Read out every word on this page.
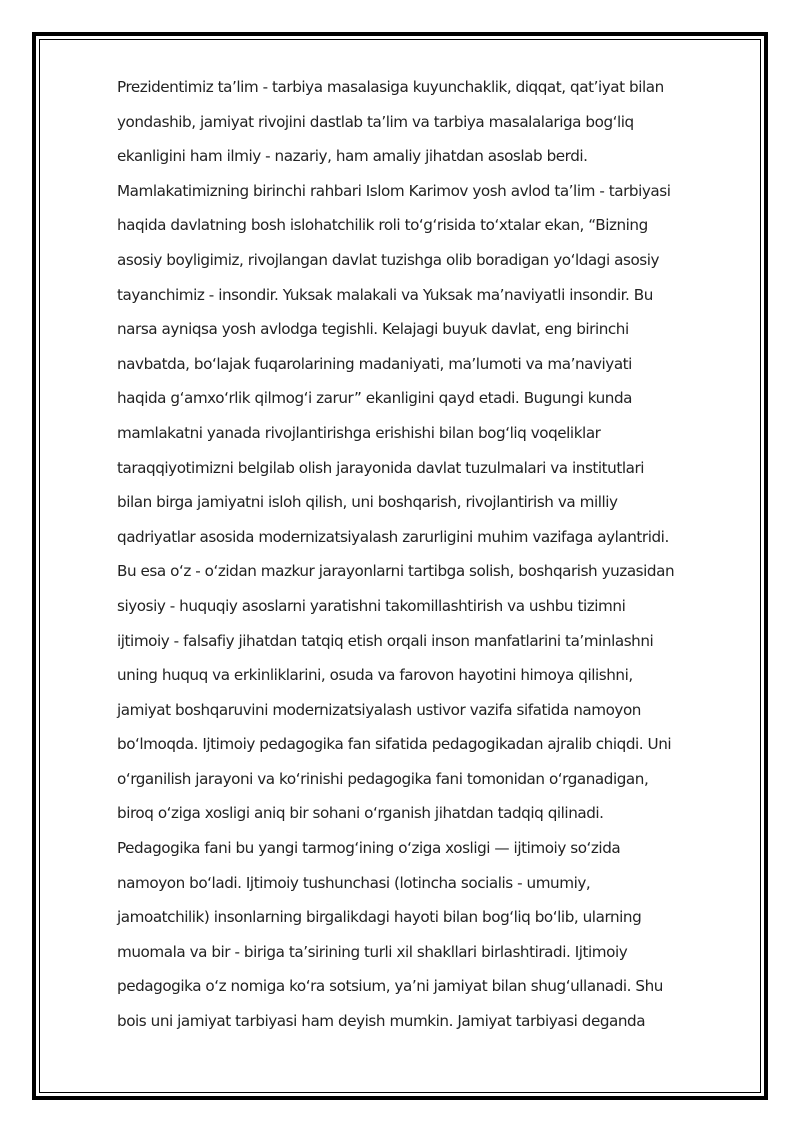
Prezidentimiz ta’lim - tarbiya masalasiga kuyunchaklik, diqqat, qat’iyat bilan
yondashib, jamiyat rivojini dastlab ta’lim va tarbiya masalalariga bog‘liq
ekanligini ham ilmiy - nazariy, ham amaliy jihatdan asoslab berdi.
Mamlakatimizning birinchi rahbari Islom Karimov yosh avlod ta’lim - tarbiyasi
haqida davlatning bosh islohatchilik roli to‘g‘risida to‘xtalar ekan, “Bizning
asosiy boyligimiz, rivojlangan davlat tuzishga olib boradigan yo‘ldagi asosiy
tayanchimiz - insondir. Yuksak malakali va Yuksak ma’naviyatli insondir. Bu
narsa ayniqsa yosh avlodga tegishli. Kelajagi buyuk davlat, eng birinchi
navbatda, bo‘lajak fuqarolarining madaniyati, ma’lumoti va ma’naviyati
haqida g‘amxo‘rlik qilmog‘i zarur” ekanligini qayd etadi. Bugungi kunda
mamlakatni yanada rivojlantirishga erishishi bilan bog‘liq voqeliklar
taraqqiyotimizni belgilab olish jarayonida davlat tuzulmalari va institutlari
bilan birga jamiyatni isloh qilish, uni boshqarish, rivojlantirish va milliy
qadriyatlar asosida modernizatsiyalash zarurligini muhim vazifaga aylantridi.
Bu esa o‘z - o‘zidan mazkur jarayonlarni tartibga solish, boshqarish yuzasidan
siyosiy - huquqiy asoslarni yaratishni takomillashtirish va ushbu tizimni
ijtimoiy - falsafiy jihatdan tatqiq etish orqali inson manfatlarini ta’minlashni
uning huquq va erkinliklarini, osuda va farovon hayotini himoya qilishni,
jamiyat boshqaruvini modernizatsiyalash ustivor vazifa sifatida namoyon
bo‘lmoqda. Ijtimoiy pedagogika fan sifatida pedagogikadan ajralib chiqdi. Uni
o‘rganilish jarayoni va ko‘rinishi pedagogika fani tomonidan o‘rganadigan,
biroq o‘ziga xosligi aniq bir sohani o‘rganish jihatdan tadqiq qilinadi.
Pedagogika fani bu yangi tarmog‘ining o‘ziga xosligi — ijtimoiy so‘zida
namoyon bo‘ladi. Ijtimoiy tushunchasi (lotincha socialis - umumiy,
jamoatchilik) insonlarning birgalikdagi hayoti bilan bog‘liq bo‘lib, ularning
muomala va bir - biriga ta’sirining turli xil shakllari birlashtiradi. Ijtimoiy
pedagogika o‘z nomiga ko‘ra sotsium, ya’ni jamiyat bilan shug‘ullanadi. Shu
bois uni jamiyat tarbiyasi ham deyish mumkin. Jamiyat tarbiyasi deganda
